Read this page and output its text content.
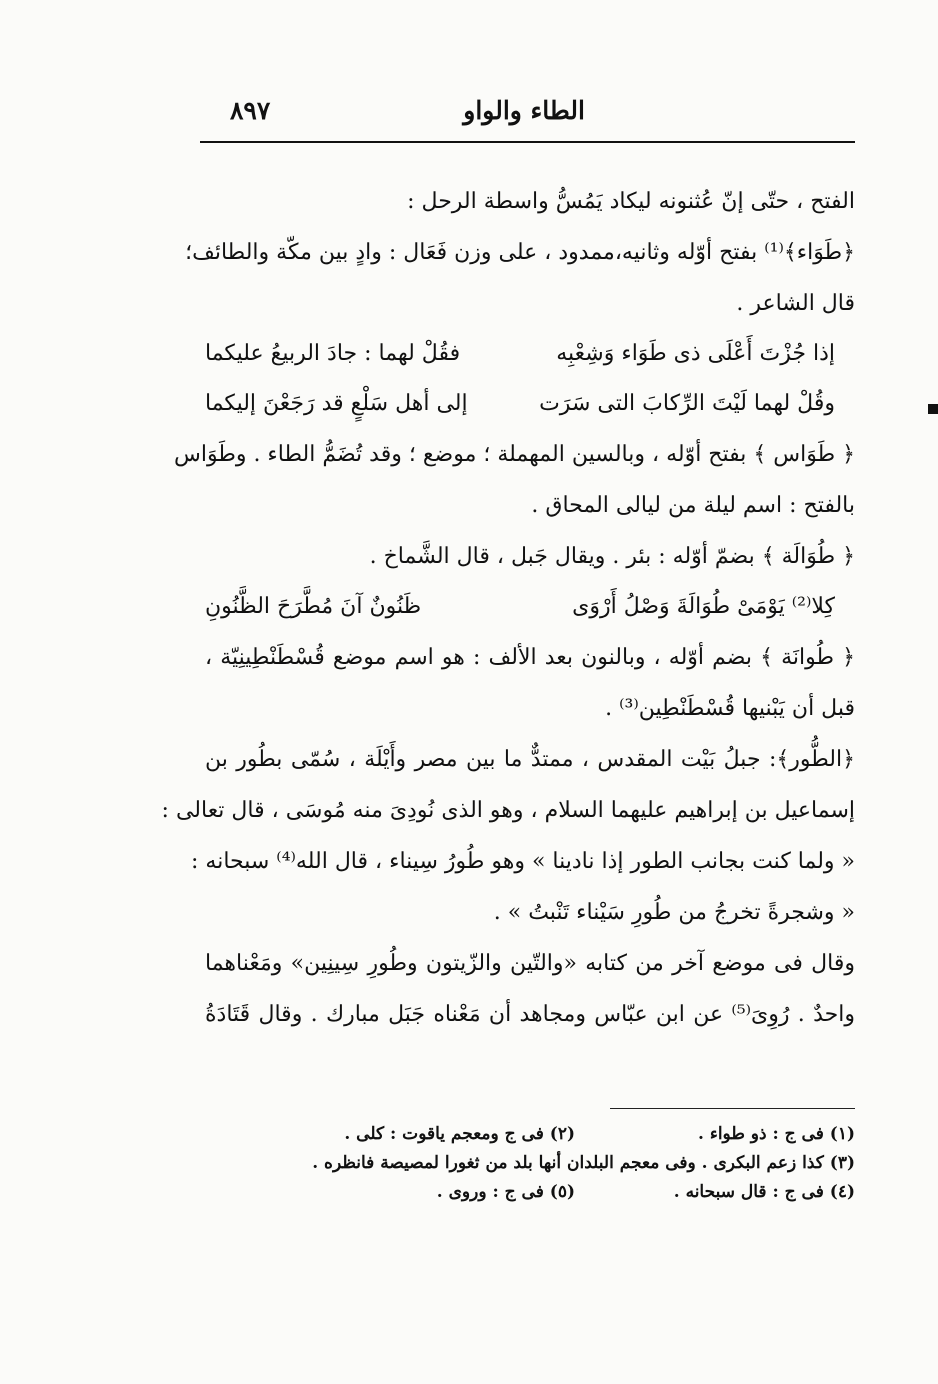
الطاء والواو
٨٩٧
الفتح ، حتّى إنّ عُثنونه ليكاد يَمُسُّ واسطة الرحل :
﴿طَوَاء﴾⁽¹⁾ بفتح أوّله وثانيه،ممدود ، على وزن فَعَال : وادٍ بين مكّة والطائف؛
قال الشاعر .
إذا جُزْتَ أَعْلَى ذى طَوَاء وَشِعْبِه
فقُلْ لهما : جادَ الربيعُ عليكما
وقُلْ لهما لَيْتَ الرِّكابَ التى سَرَت
إلى أهل سَلْعٍ قد رَجَعْنَ إليكما
﴿ طَوَاس ﴾ بفتح أوّله ، وبالسين المهملة ؛ موضع ؛ وقد تُضَمُّ الطاء . وطَوَاس
بالفتح : اسم ليلة من ليالى المحاق .
﴿ طُوَالَة ﴾ بضمّ أوّله : بئر . ويقال جَبل ، قال الشَّماخ .
كِلا⁽²⁾ يَوْمَىْ طُوَالَةَ وَصْلُ أَرْوَى
ظَنُونٌ آنَ مُطَّرَحَ الظَّنُونِ
﴿ طُوانَة ﴾ بضم أوّله ، وبالنون بعد الألف : هو اسم موضع قُسْطَنْطِينِيّة ،
قبل أن يَبْنيها قُسْطَنْطِين⁽³⁾ .
﴿الطُّور﴾: جبلُ بَيْت المقدس ، ممتدٌّ ما بين مصر وأَيْلَة ، سُمّى بطُور بن
إسماعيل بن إبراهيم عليهما السلام ، وهو الذى نُودِىَ منه مُوسَى ، قال تعالى :
« ولما كنت بجانب الطور إذا نادينا » وهو طُورُ سِيناء ، قال الله⁽⁴⁾ سبحانه :
« وشجرةً تخرجُ من طُورِ سَيْناء تَنْبتُ » .
وقال فى موضع آخر من كتابه «والتّين والزّيتون وطُورِ سِينِين» ومَعْناهما
واحدٌ . رُوِىَ⁽⁵⁾ عن ابن عبّاس ومجاهد أن مَعْناه جَبَل مبارك . وقال قَتَادَةُ
(١) فى ج : ذو طواء .
(٢) فى ج ومعجم ياقوت : كلى .
(٣) كذا زعم البكرى . وفى معجم البلدان أنها بلد من ثغورا لمصيصة فانظره .
(٤) فى ج : قال سبحانه .
(٥) فى ج : وروى .
